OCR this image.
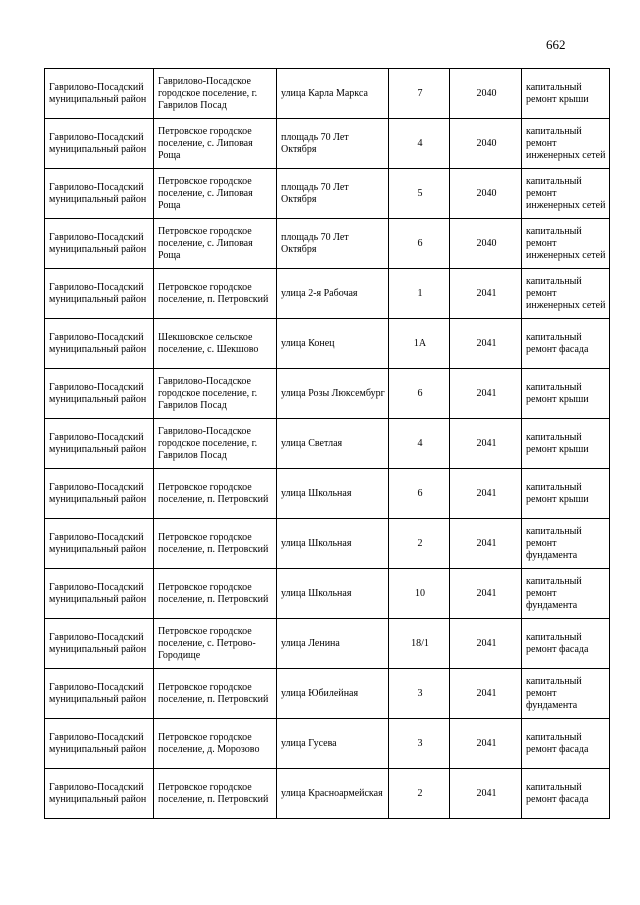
662
Гаврилово-Посадский муниципальный район	Гаврилово-Посадское городское поселение, г. Гаврилов Посад	улица Карла Маркса	7	2040	капитальный ремонт крыши
Гаврилово-Посадский муниципальный район	Петровское городское поселение, с. Липовая Роща	площадь 70 Лет Октября	4	2040	капитальный ремонт инженерных сетей
Гаврилово-Посадский муниципальный район	Петровское городское поселение, с. Липовая Роща	площадь 70 Лет Октября	5	2040	капитальный ремонт инженерных сетей
Гаврилово-Посадский муниципальный район	Петровское городское поселение, с. Липовая Роща	площадь 70 Лет Октября	6	2040	капитальный ремонт инженерных сетей
Гаврилово-Посадский муниципальный район	Петровское городское поселение, п. Петровский	улица 2-я Рабочая	1	2041	капитальный ремонт инженерных сетей
Гаврилово-Посадский муниципальный район	Шекшовское сельское поселение, с. Шекшово	улица Конец	1А	2041	капитальный ремонт фасада
Гаврилово-Посадский муниципальный район	Гаврилово-Посадское городское поселение, г. Гаврилов Посад	улица Розы Люксембург	6	2041	капитальный ремонт крыши
Гаврилово-Посадский муниципальный район	Гаврилово-Посадское городское поселение, г. Гаврилов Посад	улица Светлая	4	2041	капитальный ремонт крыши
Гаврилово-Посадский муниципальный район	Петровское городское поселение, п. Петровский	улица Школьная	6	2041	капитальный ремонт крыши
Гаврилово-Посадский муниципальный район	Петровское городское поселение, п. Петровский	улица Школьная	2	2041	капитальный ремонт фундамента
Гаврилово-Посадский муниципальный район	Петровское городское поселение, п. Петровский	улица Школьная	10	2041	капитальный ремонт фундамента
Гаврилово-Посадский муниципальный район	Петровское городское поселение, с. Петрово-Городище	улица Ленина	18/1	2041	капитальный ремонт фасада
Гаврилово-Посадский муниципальный район	Петровское городское поселение, п. Петровский	улица Юбилейная	3	2041	капитальный ремонт фундамента
Гаврилово-Посадский муниципальный район	Петровское городское поселение, д. Морозово	улица Гусева	3	2041	капитальный ремонт фасада
Гаврилово-Посадский муниципальный район	Петровское городское поселение, п. Петровский	улица Красноармейская	2	2041	капитальный ремонт фасада
